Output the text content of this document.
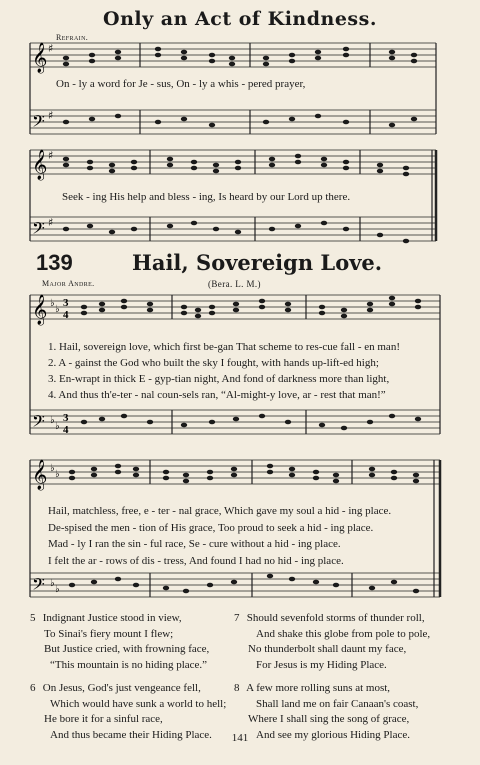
Only an Act of Kindness.
Refrain.
𝄞
𝄢
♯
♯
On - ly a word for Je - sus, On - ly a whis - pered prayer,
𝄞
𝄢
♯
♯
Seek - ing His help and bless - ing, Is heard by our Lord up there.
139	Hail, Sovereign Love.
Major Andre.	(Bera. L. M.)
𝄞
𝄢
♭
♭
♭
♭
3
4
3
4
1. Hail, sovereign love, which first be-gan That scheme to res-cue fall - en man!
2. A - gainst the God who built the sky I fought, with hands up-lift-ed high;
3. En-wrapt in thick E - gyp-tian night, And fond of darkness more than light,
4. And thus th'e-ter - nal coun-sels ran, “Al-might-y love, ar - rest that man!”
𝄞
𝄢
♭
♭
♭
♭
Hail, matchless, free, e - ter - nal grace, Which gave my soul a hid - ing place.
De-spised the men - tion of His grace, Too proud to seek a hid - ing place.
Mad - ly I ran the sin - ful race, Se - cure without a hid - ing place.
I felt the ar - rows of dis - tress, And found I had no hid - ing place.
5 Indignant Justice stood in view,
To Sinai's fiery mount I flew;
But Justice cried, with frowning face,
“This mountain is no hiding place.”
6 On Jesus, God's just vengeance fell,
Which would have sunk a world to hell;
He bore it for a sinful race,
And thus became their Hiding Place.
7 Should sevenfold storms of thunder roll,
And shake this globe from pole to pole,
No thunderbolt shall daunt my face,
For Jesus is my Hiding Place.
8 A few more rolling suns at most,
Shall land me on fair Canaan's coast,
Where I shall sing the song of grace,
And see my glorious Hiding Place.
141
